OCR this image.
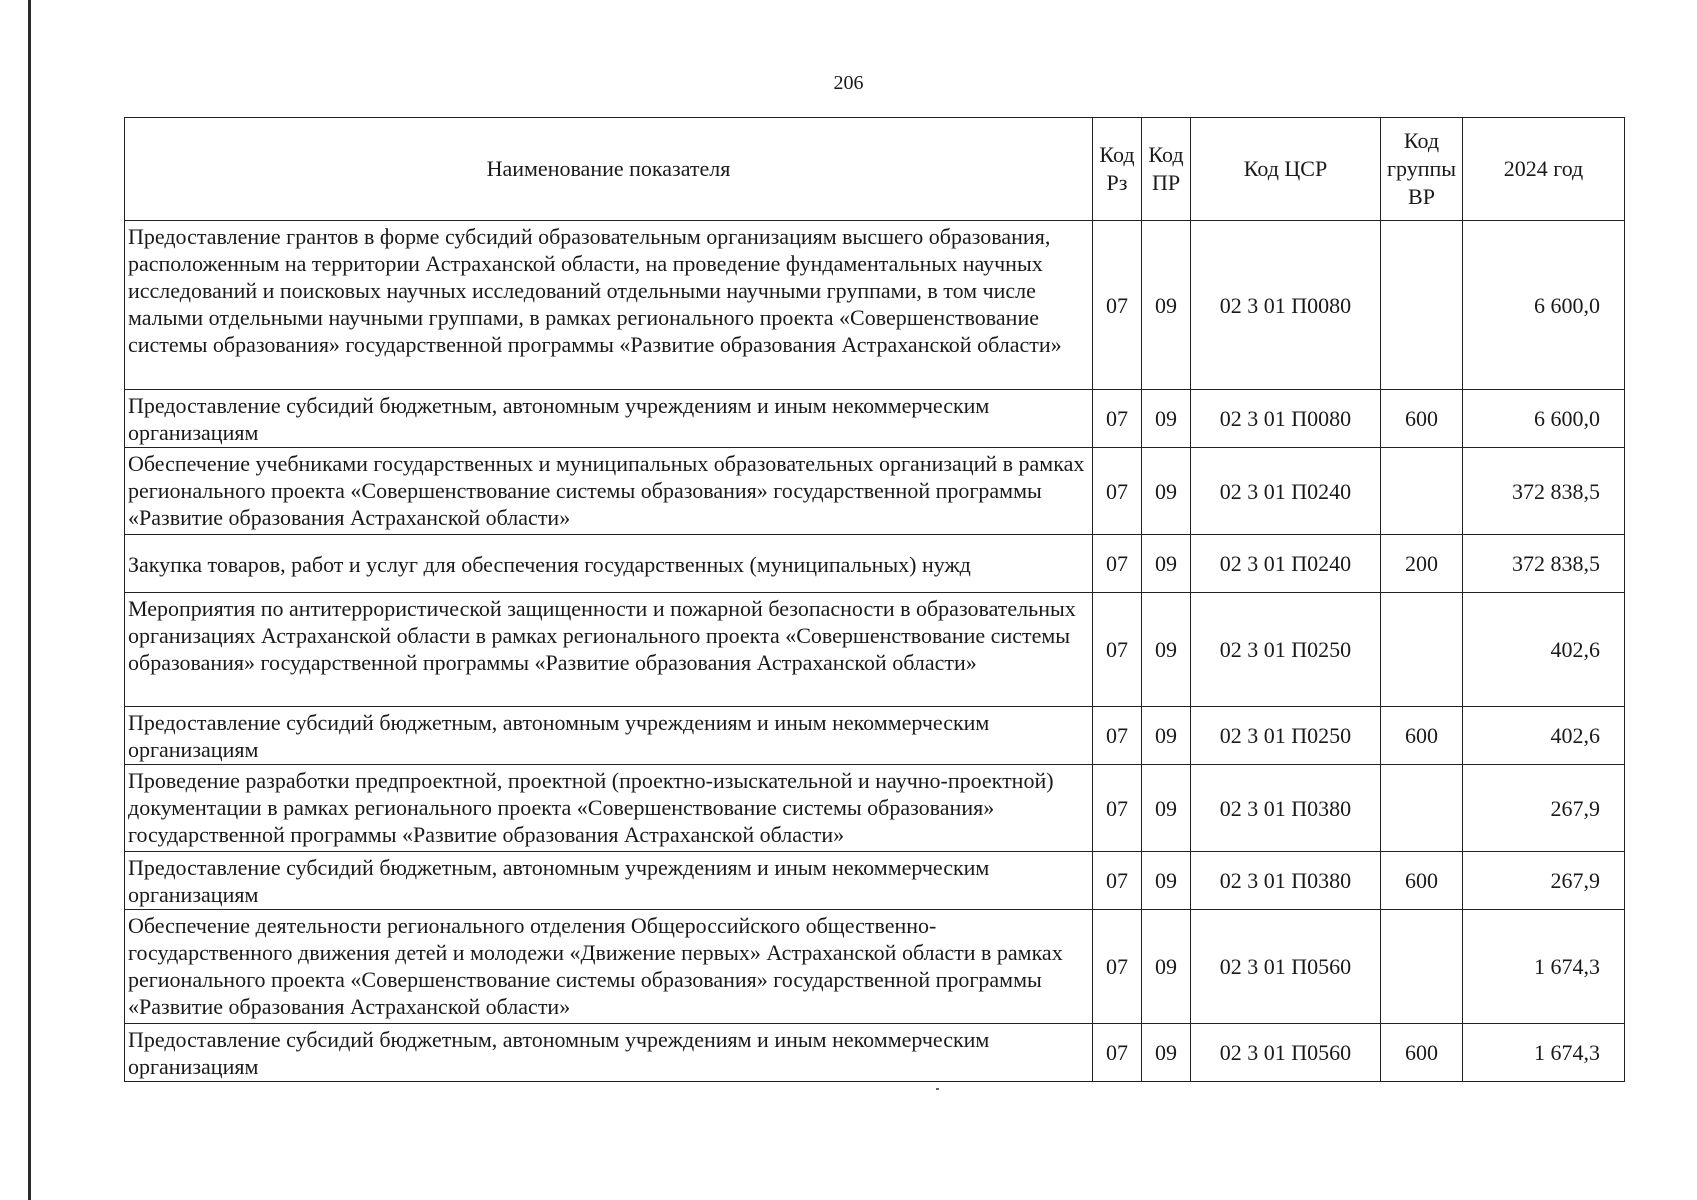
206
Наименование показателя	Код Рз	Код ПР	Код ЦСР	Код группы ВР	2024 год
Предоставление грантов в форме субсидий образовательным организациям высшего образования, расположенным на территории Астраханской области, на проведение фундаментальных научных исследований и поисковых научных исследований отдельными научными группами, в том числе малыми отдельными научными группами, в рамках регионального проекта «Совершенствование системы образования» государственной программы «Развитие образования Астраханской области»	07	09	02 3 01 П0080		6 600,0
Предоставление субсидий бюджетным, автономным учреждениям и иным некоммерческим организациям	07	09	02 3 01 П0080	600	6 600,0
Обеспечение учебниками государственных и муниципальных образовательных организаций в рамках регионального проекта «Совершенствование системы образования» государственной программы «Развитие образования Астраханской области»	07	09	02 3 01 П0240		372 838,5
Закупка товаров, работ и услуг для обеспечения государственных (муниципальных) нужд	07	09	02 3 01 П0240	200	372 838,5
Мероприятия по антитеррористической защищенности и пожарной безопасности в образовательных организациях Астраханской области в рамках регионального проекта «Совершенствование системы образования» государственной программы «Развитие образования Астраханской области»	07	09	02 3 01 П0250		402,6
Предоставление субсидий бюджетным, автономным учреждениям и иным некоммерческим организациям	07	09	02 3 01 П0250	600	402,6
Проведение разработки предпроектной, проектной (проектно-изыскательной и научно-проектной) документации в рамках регионального проекта «Совершенствование системы образования» государственной программы «Развитие образования Астраханской области»	07	09	02 3 01 П0380		267,9
Предоставление субсидий бюджетным, автономным учреждениям и иным некоммерческим организациям	07	09	02 3 01 П0380	600	267,9
Обеспечение деятельности регионального отделения Общероссийского общественно-государственного движения детей и молодежи «Движение первых» Астраханской области в рамках регионального проекта «Совершенствование системы образования» государственной программы «Развитие образования Астраханской области»	07	09	02 3 01 П0560		1 674,3
Предоставление субсидий бюджетным, автономным учреждениям и иным некоммерческим организациям	07	09	02 3 01 П0560	600	1 674,3
